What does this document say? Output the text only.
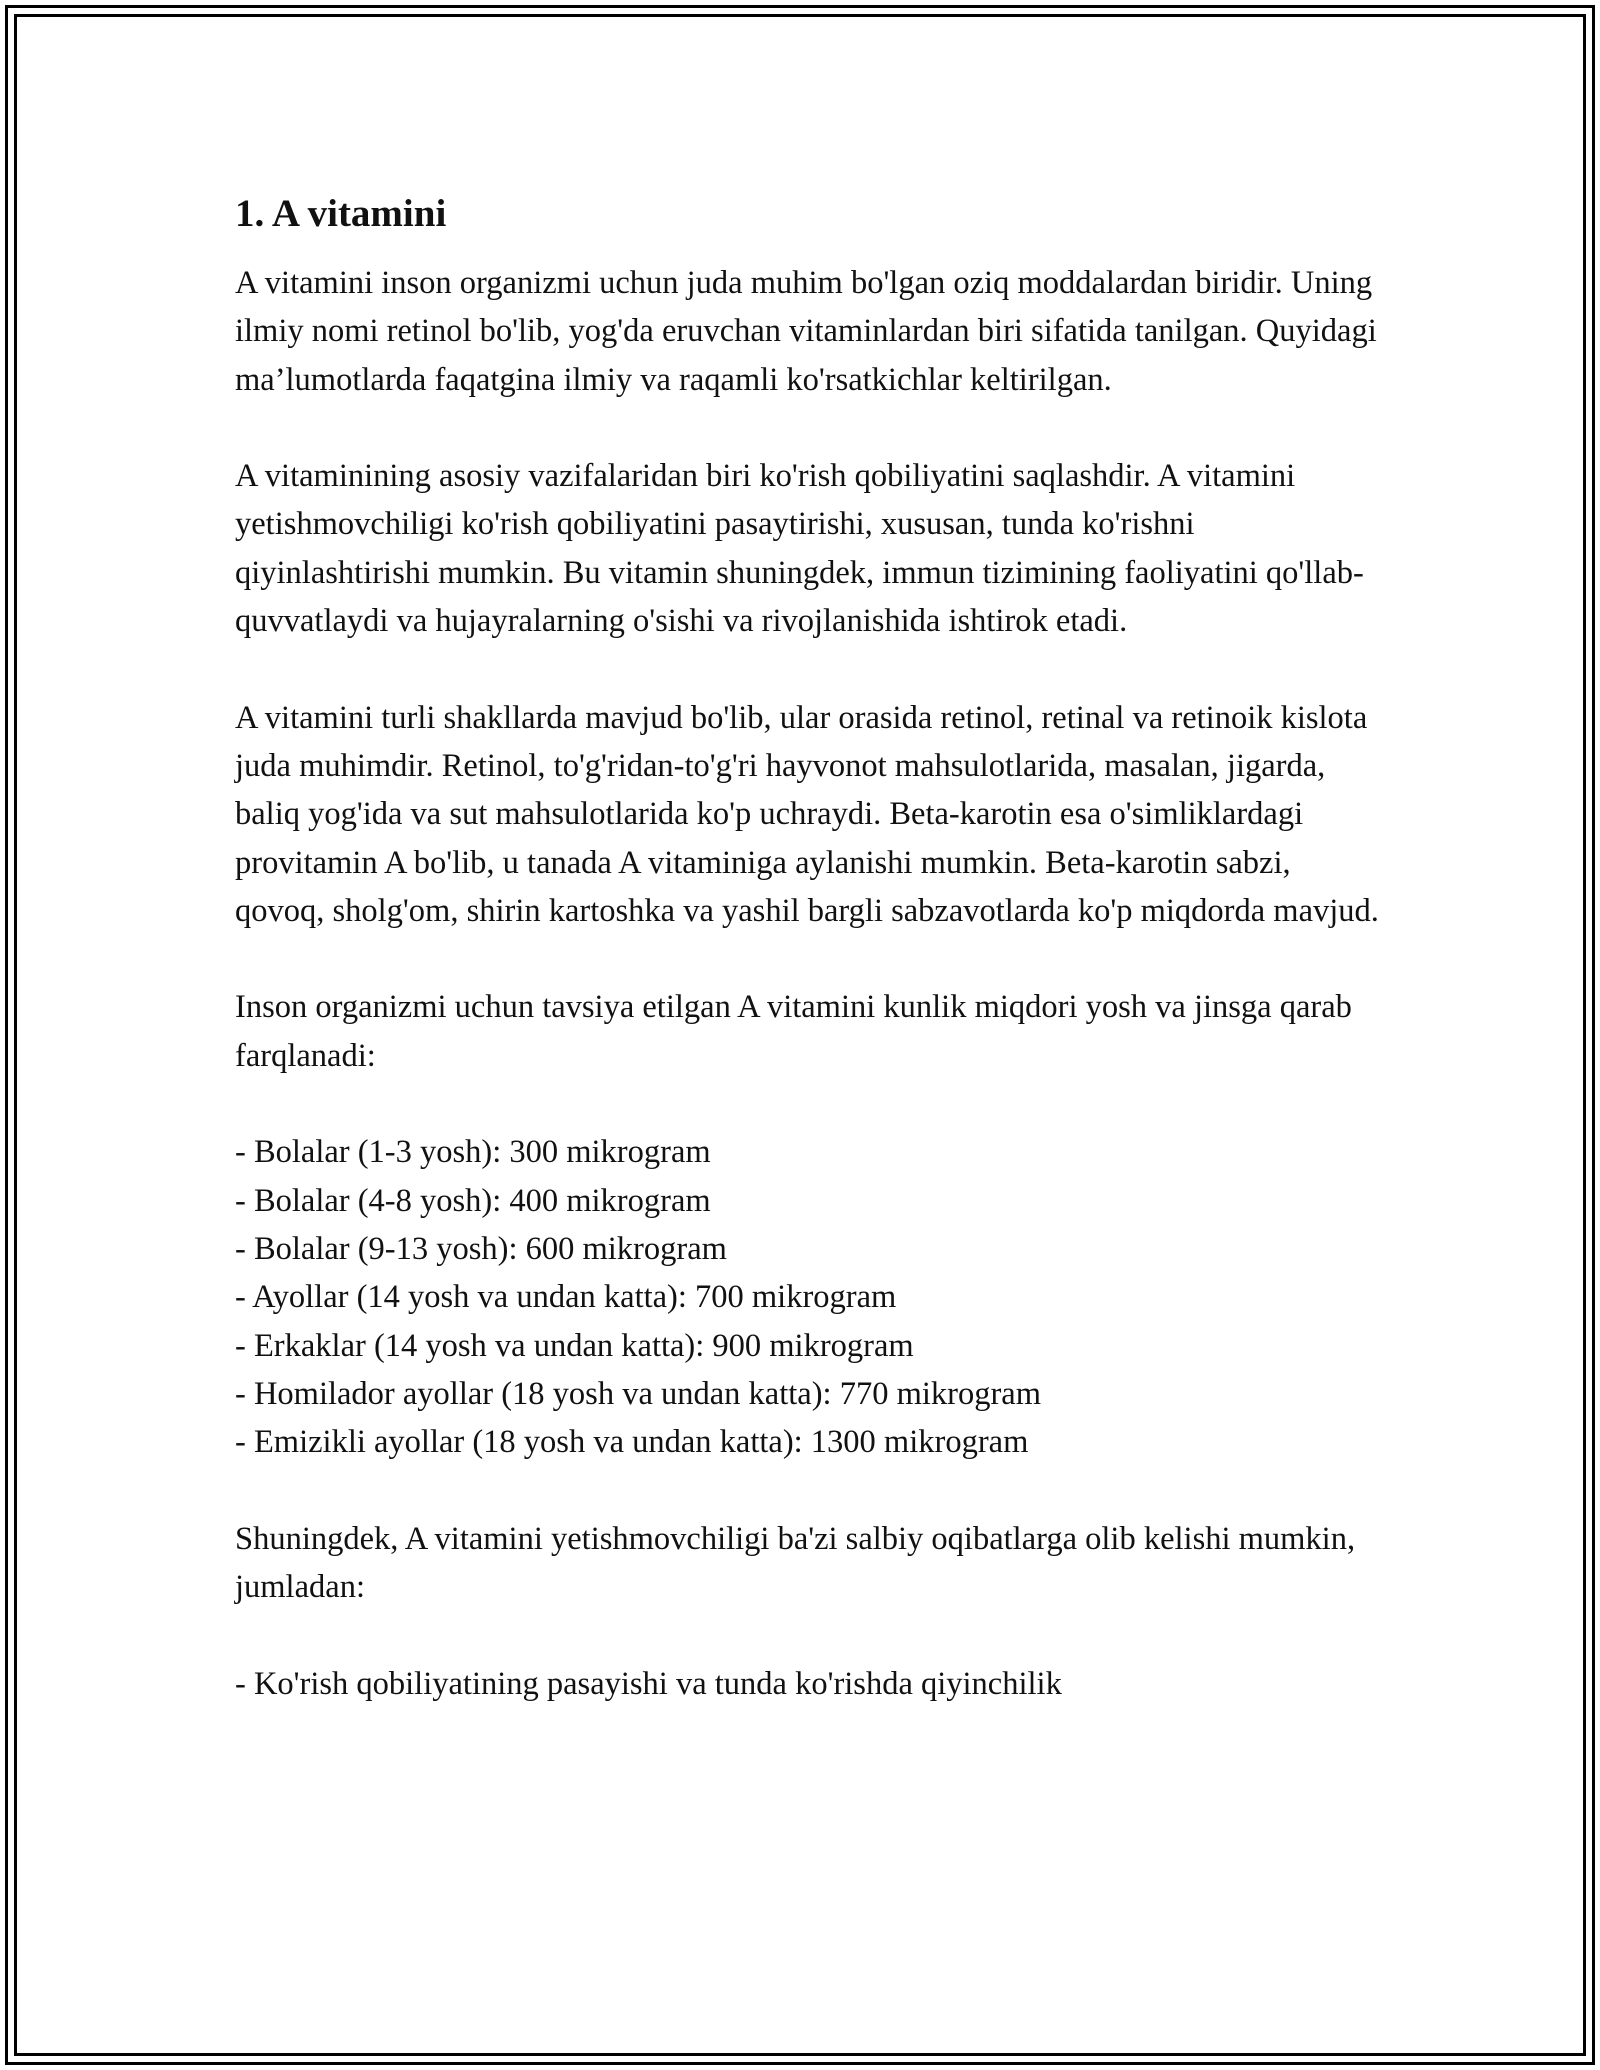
1. A vitamini

A vitamini inson organizmi uchun juda muhim bo'lgan oziq moddalardan biridir. Uning ilmiy nomi retinol bo'lib, yog'da eruvchan vitaminlardan biri sifatida tanilgan. Quyidagi ma’lumotlarda faqatgina ilmiy va raqamli ko'rsatkichlar keltirilgan.

A vitaminining asosiy vazifalaridan biri ko'rish qobiliyatini saqlashdir. A vitamini yetishmovchiligi ko'rish qobiliyatini pasaytirishi, xususan, tunda ko'rishni qiyinlashtirishi mumkin. Bu vitamin shuningdek, immun tizimining faoliyatini qo'llab-quvvatlaydi va hujayralarning o'sishi va rivojlanishida ishtirok etadi.

A vitamini turli shakllarda mavjud bo'lib, ular orasida retinol, retinal va retinoik kislota juda muhimdir. Retinol, to'g'ridan-to'g'ri hayvonot mahsulotlarida, masalan, jigarda, baliq yog'ida va sut mahsulotlarida ko'p uchraydi. Beta-karotin esa o'simliklardagi provitamin A bo'lib, u tanada A vitaminiga aylanishi mumkin. Beta-karotin sabzi, qovoq, sholg'om, shirin kartoshka va yashil bargli sabzavotlarda ko'p miqdorda mavjud.

Inson organizmi uchun tavsiya etilgan A vitamini kunlik miqdori yosh va jinsga qarab farqlanadi:

- Bolalar (1-3 yosh): 300 mikrogram
- Bolalar (4-8 yosh): 400 mikrogram
- Bolalar (9-13 yosh): 600 mikrogram
- Ayollar (14 yosh va undan katta): 700 mikrogram
- Erkaklar (14 yosh va undan katta): 900 mikrogram
- Homilador ayollar (18 yosh va undan katta): 770 mikrogram
- Emizikli ayollar (18 yosh va undan katta): 1300 mikrogram

Shuningdek, A vitamini yetishmovchiligi ba'zi salbiy oqibatlarga olib kelishi mumkin, jumladan:

- Ko'rish qobiliyatining pasayishi va tunda ko'rishda qiyinchilik
